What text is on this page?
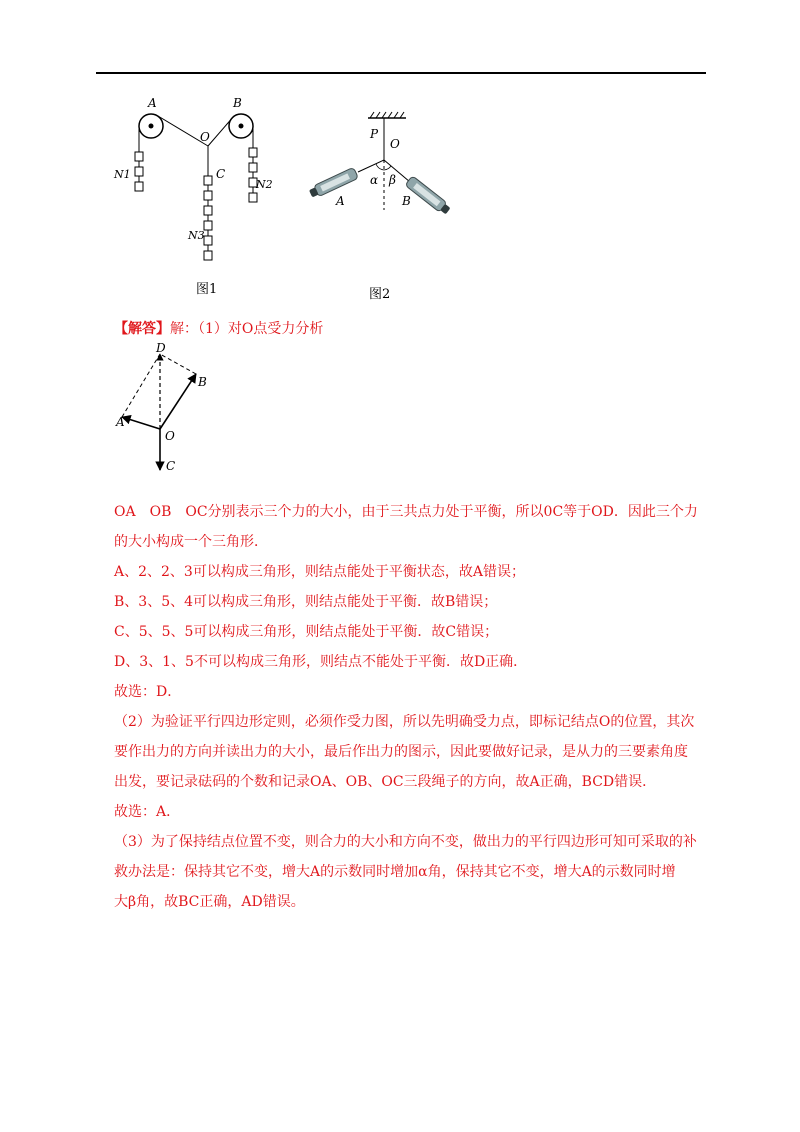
A	B
O
C
N1
N2
N3
图1
P
O
α β
A	B
图2
【解答】解：（1）对O点受力分析
D
B
A
O
C
OA　OB　OC分别表示三个力的大小，由于三共点力处于平衡，所以0C等于OD．因此三个力
的大小构成一个三角形．
A、2、2、3可以构成三角形，则结点能处于平衡状态，故A错误；
B、3、5、4可以构成三角形，则结点能处于平衡．故B错误；
C、5、5、5可以构成三角形，则结点能处于平衡．故C错误；
D、3、1、5不可以构成三角形，则结点不能处于平衡．故D正确．
故选：D．
（2）为验证平行四边形定则，必须作受力图，所以先明确受力点，即标记结点O的位置，其次
要作出力的方向并读出力的大小，最后作出力的图示，因此要做好记录，是从力的三要素角度
出发，要记录砝码的个数和记录OA、OB、OC三段绳子的方向，故A正确，BCD错误．
故选：A．
（3）为了保持结点位置不变，则合力的大小和方向不变，做出力的平行四边形可知可采取的补
救办法是：保持其它不变，增大A的示数同时增加α角，保持其它不变，增大A的示数同时增
大β角，故BC正确，AD错误。
